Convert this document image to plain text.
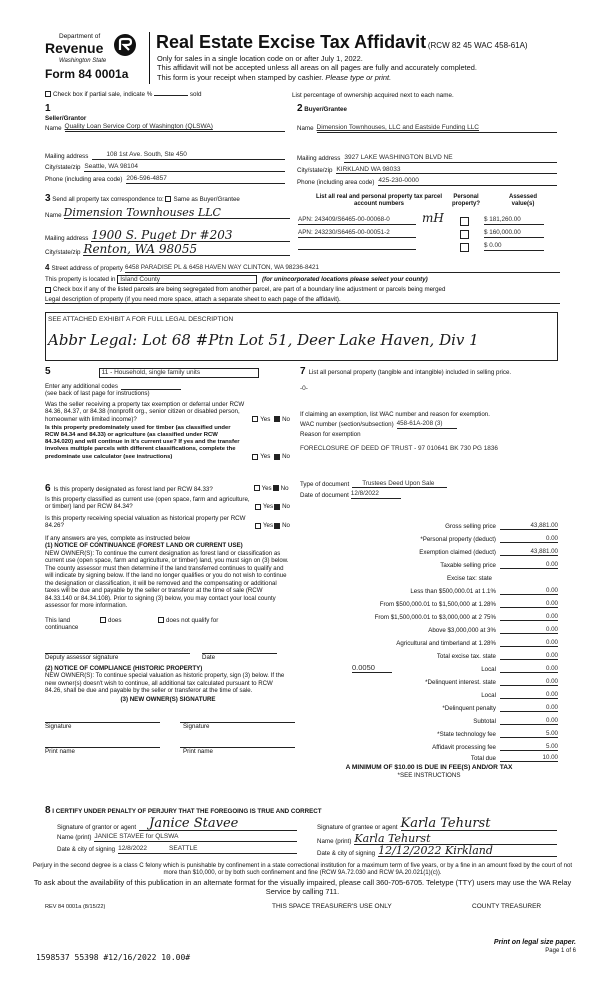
Department of
Revenue
Washington State
Form 84 0001a
Real Estate Excise Tax Affidavit (RCW 82 45 WAC 458-61A)
Only for sales in a single location code on or after July 1, 2022.
This affidavit will not be accepted unless all areas on all pages are fully and accurately completed.
This form is your receipt when stamped by cashier. Please type or print.
Check box if partial sale, indicate %	sold	List percentage of ownership acquired next to each name.
1
Seller/Grantor
Name Quality Loan Service Corp of Washington (QLSWA)
Mailing address	108 1st Ave. South, Ste 450
City/state/zip Seattle, WA 98104
Phone (including area code) 206-596-4857
2 Buyer/Grantee
Name Dimension Townhouses, LLC and Eastside Funding LLC
Mailing address 3927 LAKE WASHINGTON BLVD NE
City/state/zip KIRKLAND WA 98033
Phone (including area code) 425-230-0000
3 Send all property tax correspondence to: Same as Buyer/Grantee
Name Dimension Townhouses LLC
Mailing address 1900 S. Puget Dr #203
City/state/zip Renton, WA 98055
List all real and personal property tax parcel account numbers
Personal property?
Assessed value(s)
APN: 243409/S6465-00-00068-0	mH	$ 181,260.00
APN: 243230/S6465-00-00051-2	$ 160,000.00
$ 0.00
4 Street address of property 6458 PARADISE PL & 6458 HAVEN WAY CLINTON, WA 98236-8421
This property is located in Island County	(for unincorporated locations please select your county)
Check box if any of the listed parcels are being segregated from another parcel, are part of a boundary line adjustment or parcels being merged
Legal description of property (if you need more space, attach a separate sheet to each page of the affidavit).
SEE ATTACHED EXHIBIT A FOR FULL LEGAL DESCRIPTION
Abbr Legal: Lot 68 #Ptn Lot 51, Deer Lake Haven, Div 1
5	11 - Household, single family units
Enter any additional codes
(see back of last page for instructions)
Was the seller receiving a property tax exemption or deferral under RCW 84.36, 84.37, or 84.38 (nonprofit org., senior citizen or disabled person, homeowner with limited income)?	Yes No
Is this property predominately used for timber (as classified under RCW 84.34 and 84.33) or agriculture (as classified under RCW 84.34.020) and will continue in it's current use? If yes and the transfer involves multiple parcels with different classifications, complete the predominate use calculator (see instructions)	Yes No
6 Is this property designated as forest land per RCW 84.33?	Yes No
Is this property classified as current use (open space, farm and agriculture, or timber) land per RCW 84.34?	Yes No
Is this property receiving special valuation as historical property per RCW 84.26?	Yes No
If any answers are yes, complete as instructed below
(1) NOTICE OF CONTINUANCE (FOREST LAND OR CURRENT USE)
NEW OWNER(S): To continue the current designation as forest land or classification as current use (open space, farm and agriculture, or timber) land, you must sign on (3) below. The county assessor must then determine if the land transferred continues to qualify and will indicate by signing below. If the land no longer qualifies or you do not wish to continue the designation or classification, it will be removed and the compensating or additional taxes will be due and payable by the seller or transferor at the time of sale (RCW 84.33.140 or 84.34.108). Prior to signing (3) below, you may contact your local county assessor for more information.
This land
continuance
does	does not qualify for
Deputy assessor signature	Date
(2) NOTICE OF COMPLIANCE (HISTORIC PROPERTY)
NEW OWNER(S): To continue special valuation as historic property, sign (3) below. If the new owner(s) doesn't wish to continue, all additional tax calculated pursuant to RCW 84.26, shall be due and payable by the seller or transferor at the time of sale.
(3) NEW OWNER(S) SIGNATURE
Signature	Signature
Print name	Print name
7 List all personal property (tangible and intangible) included in selling price.
-0-
If claiming an exemption, list WAC number and reason for exemption.
WAC number (section/subsection) 458-61A-208 (3)
Reason for exemption
FORECLOSURE OF DEED OF TRUST - 97 010641 BK 730 PG 1836
Type of document	Trustees Deed Upon Sale
Date of document 12/8/2022
Gross selling price	43,881.00
*Personal property (deduct)	0.00
Exemption claimed (deduct)	43,881.00
Taxable selling price	0.00
Excise tax: state
Less than $500,000.01 at 1.1%	0.00
From $500,000.01 to $1,500,000 at 1.28%	0.00
From $1,500,000.01 to $3,000,000 at 2 75%	0.00
Above $3,000,000 at 3%	0.00
Agricultural and timberland at 1.28%	0.00
Total excise tax. state	0.00
0.0050	Local	0.00
*Delinquent interest. state	0.00
Local	0.00
*Delinquent penalty	0.00
Subtotal	0.00
*State technology fee	5.00
Affidavit processing fee	5.00
Total due	10.00
A MINIMUM OF $10.00 IS DUE IN FEE(S) AND/OR TAX
*SEE INSTRUCTIONS
8 I CERTIFY UNDER PENALTY OF PERJURY THAT THE FOREGOING IS TRUE AND CORRECT
Signature of grantor or agent	Janice Stavee
Name (print) JANICE STAVEE for QLSWA
Date & city of signing 12/8/2022	SEATTLE
Signature of grantee or agent Karla Tehurst
Name (print) Karla Tehurst
Date & city of signing 12/12/2022 Kirkland
Perjury in the second degree is a class C felony which is punishable by confinement in a state correctional institution for a maximum term of five years, or by a fine in an amount fixed by the court of not more than $10,000, or by both such confinement and fine (RCW 9A.72.030 and RCW 9A.20.021(1)(c)).
To ask about the availability of this publication in an alternate format for the visually impaired, please call 360-705-6705. Teletype (TTY) users may use the WA Relay Service by calling 711.
REV 84 0001a (8/15/22)	THIS SPACE TREASURER'S USE ONLY	COUNTY TREASURER
Print on legal size paper.
Page 1 of 6
1598537 55398 #12/16/2022 10.00#
